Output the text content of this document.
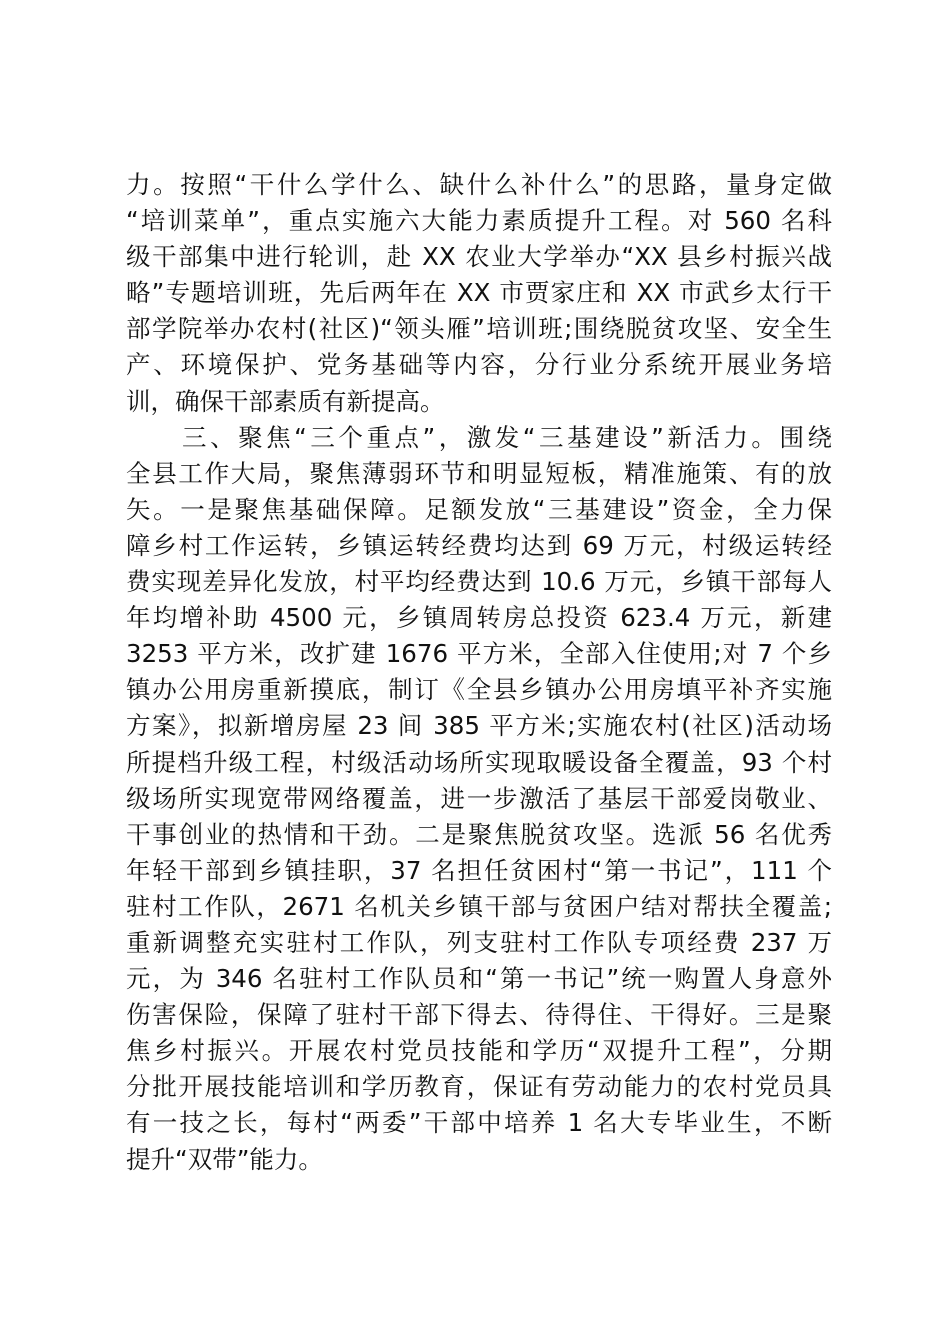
力。按照“干什么学什么、缺什么补什么”的思路，量身定做
“培训菜单”，重点实施六大能力素质提升工程。对 560 名科
级干部集中进行轮训，赴 XX 农业大学举办“XX 县乡村振兴战
略”专题培训班，先后两年在 XX 市贾家庄和 XX 市武乡太行干
部学院举办农村(社区)“领头雁”培训班;围绕脱贫攻坚、安全生
产、环境保护、党务基础等内容，分行业分系统开展业务培
训，确保干部素质有新提高。
　　三、聚焦“三个重点”，激发“三基建设”新活力。围绕
全县工作大局，聚焦薄弱环节和明显短板，精准施策、有的放
矢。一是聚焦基础保障。足额发放“三基建设”资金，全力保
障乡村工作运转，乡镇运转经费均达到 69 万元，村级运转经
费实现差异化发放，村平均经费达到 10.6 万元，乡镇干部每人
年均增补助 4500 元，乡镇周转房总投资 623.4 万元，新建
3253 平方米，改扩建 1676 平方米，全部入住使用;对 7 个乡
镇办公用房重新摸底，制订《全县乡镇办公用房填平补齐实施
方案》，拟新增房屋 23 间 385 平方米;实施农村(社区)活动场
所提档升级工程，村级活动场所实现取暖设备全覆盖，93 个村
级场所实现宽带网络覆盖，进一步激活了基层干部爱岗敬业、
干事创业的热情和干劲。二是聚焦脱贫攻坚。选派 56 名优秀
年轻干部到乡镇挂职，37 名担任贫困村“第一书记”，111 个
驻村工作队，2671 名机关乡镇干部与贫困户结对帮扶全覆盖;
重新调整充实驻村工作队，列支驻村工作队专项经费 237 万
元，为 346 名驻村工作队员和“第一书记”统一购置人身意外
伤害保险，保障了驻村干部下得去、待得住、干得好。三是聚
焦乡村振兴。开展农村党员技能和学历“双提升工程”，分期
分批开展技能培训和学历教育，保证有劳动能力的农村党员具
有一技之长，每村“两委”干部中培养 1 名大专毕业生，不断
提升“双带”能力。
